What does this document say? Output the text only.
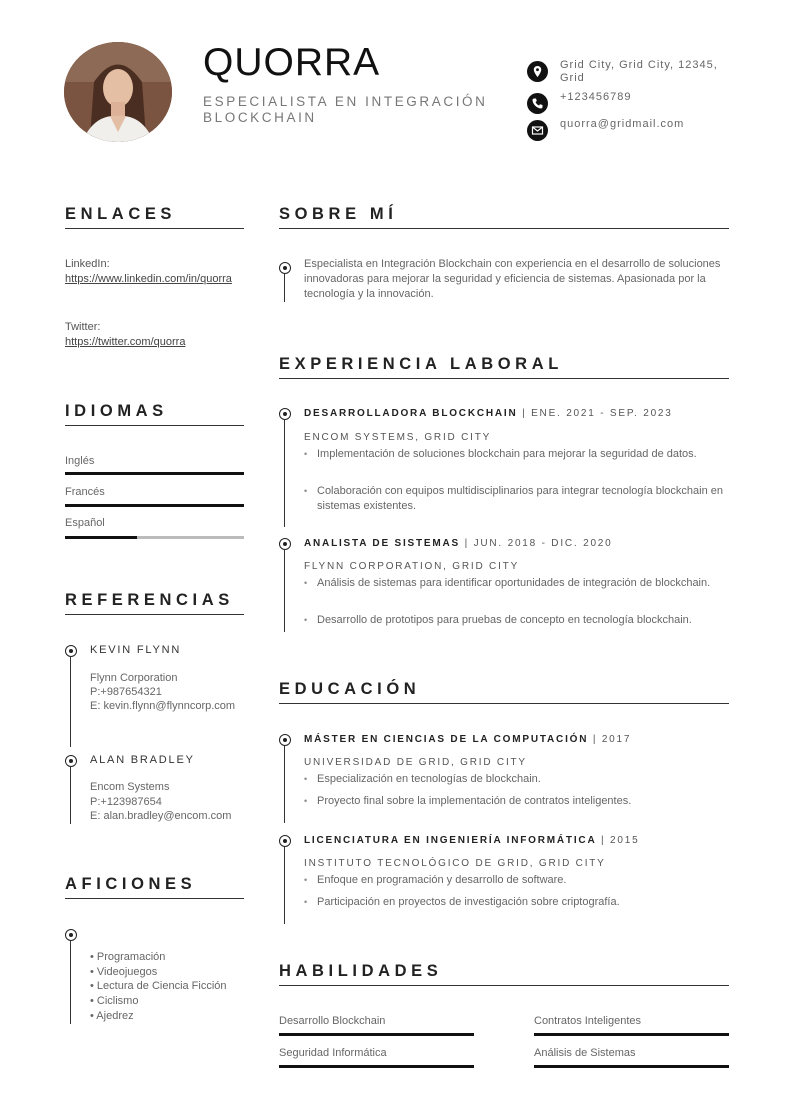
QUORRA
ESPECIALISTA EN INTEGRACIÓN BLOCKCHAIN
Grid City, Grid City, 12345, Grid
+123456789
quorra@gridmail.com
ENLACES
LinkedIn:
https://www.linkedin.com/in/quorra
Twitter:
https://twitter.com/quorra
IDIOMAS
Inglés
Francés
Español
REFERENCIAS
KEVIN FLYNN
Flynn Corporation
P:+987654321
E: kevin.flynn@flynncorp.com
ALAN BRADLEY
Encom Systems
P:+123987654
E: alan.bradley@encom.com
AFICIONES
• Programación
• Videojuegos
• Lectura de Ciencia Ficción
• Ciclismo
• Ajedrez
SOBRE MÍ
Especialista en Integración Blockchain con experiencia en el desarrollo de soluciones innovadoras para mejorar la seguridad y eficiencia de sistemas. Apasionada por la tecnología y la innovación.
EXPERIENCIA LABORAL
DESARROLLADORA BLOCKCHAIN | ENE. 2021 - SEP. 2023
ENCOM SYSTEMS, GRID CITY
• Implementación de soluciones blockchain para mejorar la seguridad de datos.
• Colaboración con equipos multidisciplinarios para integrar tecnología blockchain en sistemas existentes.
ANALISTA DE SISTEMAS | JUN. 2018 - DIC. 2020
FLYNN CORPORATION, GRID CITY
• Análisis de sistemas para identificar oportunidades de integración de blockchain.
• Desarrollo de prototipos para pruebas de concepto en tecnología blockchain.
EDUCACIÓN
MÁSTER EN CIENCIAS DE LA COMPUTACIÓN | 2017
UNIVERSIDAD DE GRID, GRID CITY
• Especialización en tecnologías de blockchain.
• Proyecto final sobre la implementación de contratos inteligentes.
LICENCIATURA EN INGENIERÍA INFORMÁTICA | 2015
INSTITUTO TECNOLÓGICO DE GRID, GRID CITY
• Enfoque en programación y desarrollo de software.
• Participación en proyectos de investigación sobre criptografía.
HABILIDADES
Desarrollo Blockchain	Contratos Inteligentes
Seguridad Informática	Análisis de Sistemas
